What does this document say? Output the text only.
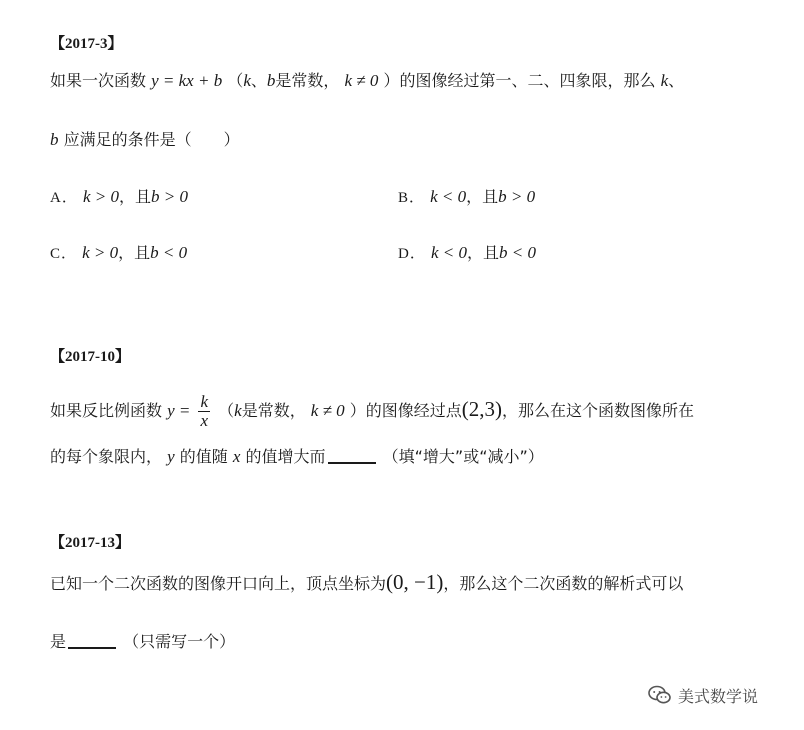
【2017-3】
如果一次函数 y = kx + b （k、b是常数， k ≠ 0 ）的图像经过第一、二、四象限，那么 k、
b 应满足的条件是（　　）
A． k > 0，且b > 0	B． k < 0，且b > 0
C． k > 0，且b < 0	D． k < 0，且b < 0
【2017-10】
如果反比例函数 $y = \frac{k}{x} (k$是常数， k ≠ 0 ）的图像经过点(2,3)，那么在这个函数图像所在
的每个象限内， y 的值随 x 的值增大而	（填“增大”或“减小”）
【2017-13】
已知一个二次函数的图像开口向上，顶点坐标为(0, −1)，那么这个二次函数的解析式可以
是	（只需写一个）
美式数学说
